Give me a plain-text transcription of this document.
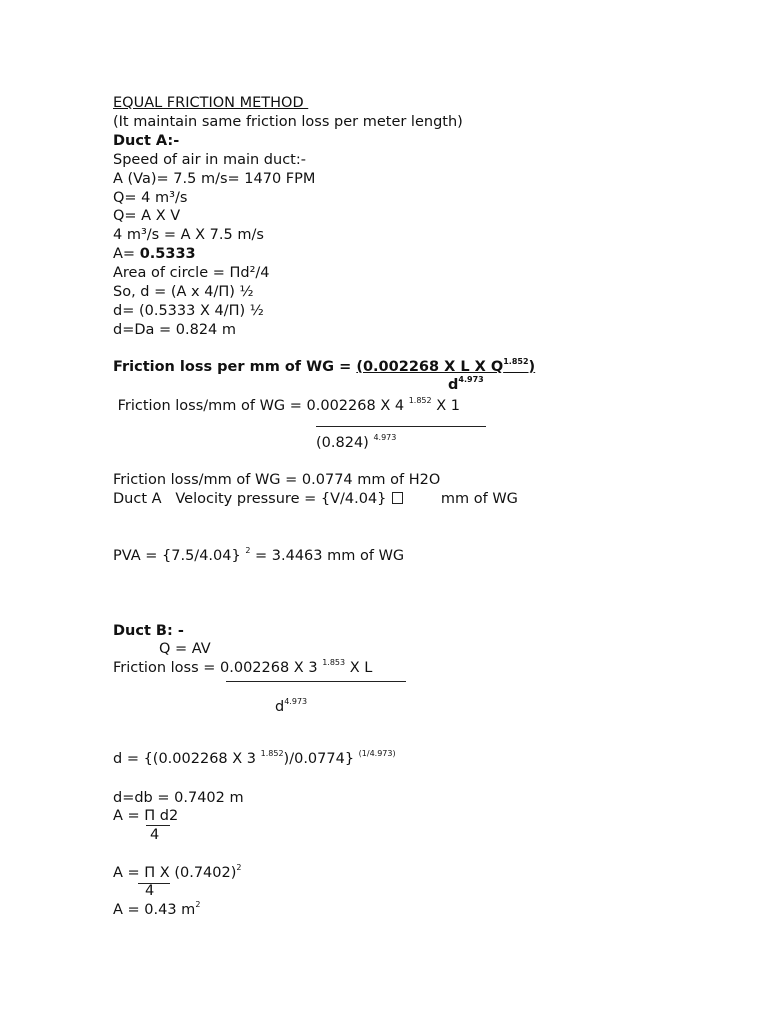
EQUAL FRICTION METHOD
(It maintain same friction loss per meter length)
Duct A:-
Speed of air in main duct:-
A (Va)= 7.5 m/s= 1470 FPM
Q= 4 m³/s
Q= A X V
4 m³/s = A X 7.5 m/s
A= 0.5333
Area of circle = Πd²/4
So, d = (A x 4/Π) ½
d= (0.5333 X 4/Π) ½
d=Da = 0.824 m
Friction loss per mm of WG = (0.002268 X L X $Q^{1.852}$)
$d^{4.973}$
Friction loss/mm of WG = 0.002268 X 4 $^{1.852}$ X 1
(0.824) $^{4.973}$
Friction loss/mm of WG = 0.0774 mm of H2O
Duct A   Velocity pressure = {V/4.04}         mm of WG
PVA = {7.5/4.04} $^2$ = 3.4463 mm of WG
Duct B: -
Q = AV
Friction loss = 0.002268 X 3 $^{1.853}$ X L
$d^{4.973}$
d = {(0.002268 X 3 $^{1.852}$)/0.0774} $^{(1/4.973)}$
d=db = 0.7402 m
A = Π d2
4
A = Π X $(0.7402)^2$
4
A = 0.43 $m^2$
